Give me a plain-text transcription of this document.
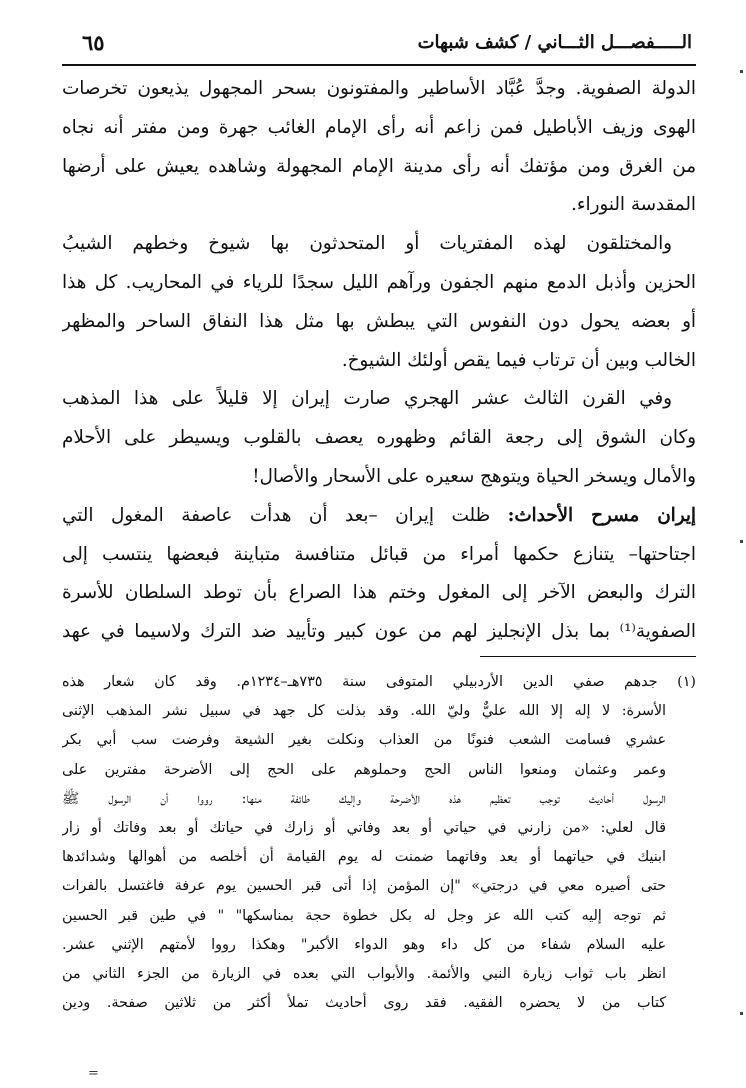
الـــــفصـــل الثـــاني / كشف شبهات
٦٥
الدولة الصفوية. وجدَّ عُبَّاد الأساطير والمفتونون بسحر المجهول يذيعون تخرصات
الهوى وزيف الأباطيل فمن زاعم أنه رأى الإمام الغائب جهرة ومن مفتر أنه نجاه
من الغرق ومن مؤتفك أنه رأى مدينة الإمام المجهولة وشاهده يعيش على أرضها
المقدسة النوراء.
والمختلقون لهذه المفتريات أو المتحدثون بها شيوخ وخطهم الشيبُ
الحزين وأذبل الدمع منهم الجفون ورآهم الليل سجدًا للرياء في المحاريب. كل هذا
أو بعضه يحول دون النفوس التي يبطش بها مثل هذا النفاق الساحر والمظهر
الخالب وبين أن ترتاب فيما يقص أولئك الشيوخ.
وفي القرن الثالث عشر الهجري صارت إيران إلا قليلاً على هذا المذهب
وكان الشوق إلى رجعة القائم وظهوره يعصف بالقلوب ويسيطر على الأحلام
والأمال ويسخر الحياة ويتوهج سعيره على الأسحار والأصال!
إيران مسرح الأحداث: ظلت إيران –بعد أن هدأت عاصفة المغول التي
اجتاحتها– يتنازع حكمها أمراء من قبائل متنافسة متباينة فبعضها ينتسب إلى
الترك والبعض الآخر إلى المغول وختم هذا الصراع بأن توطد السلطان للأسرة
الصفوية⁽¹⁾ بما بذل الإنجليز لهم من عون كبير وتأييد ضد الترك ولاسيما في عهد
(١) جدهم صفي الدين الأردبيلي المتوفى سنة ٧٣٥هـ–١٢٣٤م. وقد كان شعار هذه
الأسرة: لا إله إلا الله عليٌّ وليّ الله. وقد بذلت كل جهد في سبيل نشر المذهب الإثنى
عشري فسامت الشعب فنونًا من العذاب ونكلت بغير الشيعة وفرضت سب أبي بكر
وعمر وعثمان ومنعوا الناس الحج وحملوهم على الحج إلى الأضرحة مفترين على
الرسول أحاديث توجب تعظيم هذه الأضرحة وإليك طائفة منها: رووا أن الرسول ﷺ
قال لعلي: «من زارني في حياتي أو بعد وفاتي أو زارك في حياتك أو بعد وفاتك أو زار
ابنيك في حياتهما أو بعد وفاتهما ضمنت له يوم القيامة أن أخلصه من أهوالها وشدائدها
حتى أصيره معي في درجتي» "إن المؤمن إذا أتى قبر الحسين يوم عرفة فاغتسل بالفرات
ثم توجه إليه كتب الله عز وجل له بكل خطوة حجة بمناسكها" " في طين قبر الحسين
عليه السلام شفاء من كل داء وهو الدواء الأكبر" وهكذا رووا لأمتهم الإثني عشر.
انظر باب ثواب زيارة النبي والأئمة. والأبواب التي بعده في الزيارة من الجزء الثاني من
كتاب من لا يحضره الفقيه. فقد روى أحاديث تملأ أكثر من ثلاثين صفحة. ودين
=
